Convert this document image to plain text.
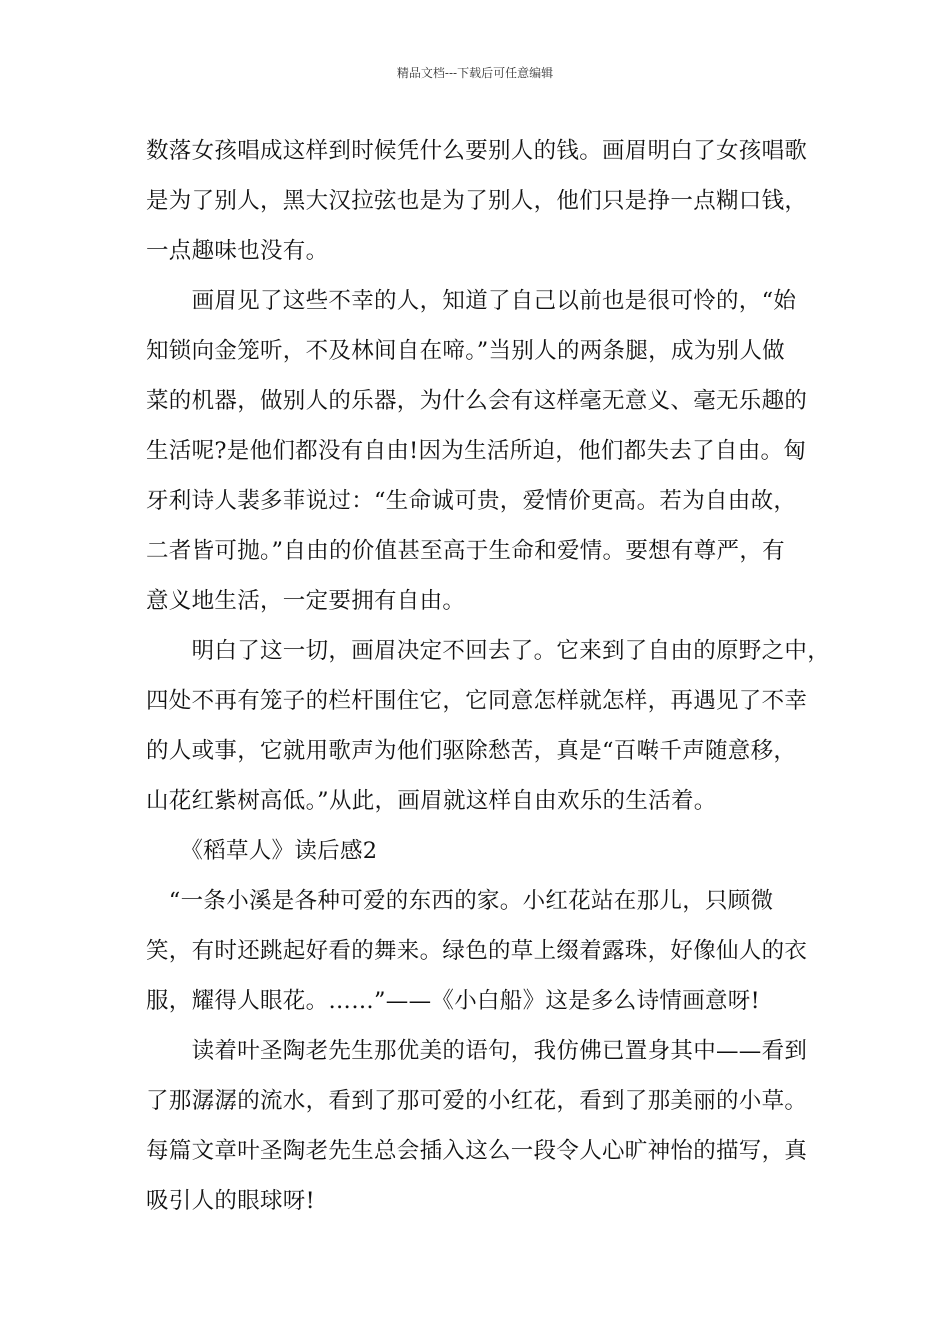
精品文档---下载后可任意编辑
数落女孩唱成这样到时候凭什么要别人的钱。画眉明白了女孩唱歌
是为了别人，黑大汉拉弦也是为了别人，他们只是挣一点糊口钱，
一点趣味也没有。
　　画眉见了这些不幸的人，知道了自己以前也是很可怜的，“始
知锁向金笼听，不及林间自在啼。”当别人的两条腿，成为别人做
菜的机器，做别人的乐器，为什么会有这样毫无意义、毫无乐趣的
生活呢?是他们都没有自由!因为生活所迫，他们都失去了自由。匈
牙利诗人裴多菲说过：“生命诚可贵，爱情价更高。若为自由故，
二者皆可抛。”自由的价值甚至高于生命和爱情。要想有尊严，有
意义地生活，一定要拥有自由。
　　明白了这一切，画眉决定不回去了。它来到了自由的原野之中，
四处不再有笼子的栏杆围住它，它同意怎样就怎样，再遇见了不幸
的人或事，它就用歌声为他们驱除愁苦，真是“百啭千声随意移，
山花红紫树高低。”从此，画眉就这样自由欢乐的生活着。
　　《稻草人》读后感2
　“一条小溪是各种可爱的东西的家。小红花站在那儿，只顾微
笑，有时还跳起好看的舞来。绿色的草上缀着露珠，好像仙人的衣
服，耀得人眼花。……”——《小白船》这是多么诗情画意呀!
　　读着叶圣陶老先生那优美的语句，我仿佛已置身其中——看到
了那潺潺的流水，看到了那可爱的小红花，看到了那美丽的小草。
每篇文章叶圣陶老先生总会插入这么一段令人心旷神怡的描写，真
吸引人的眼球呀!
